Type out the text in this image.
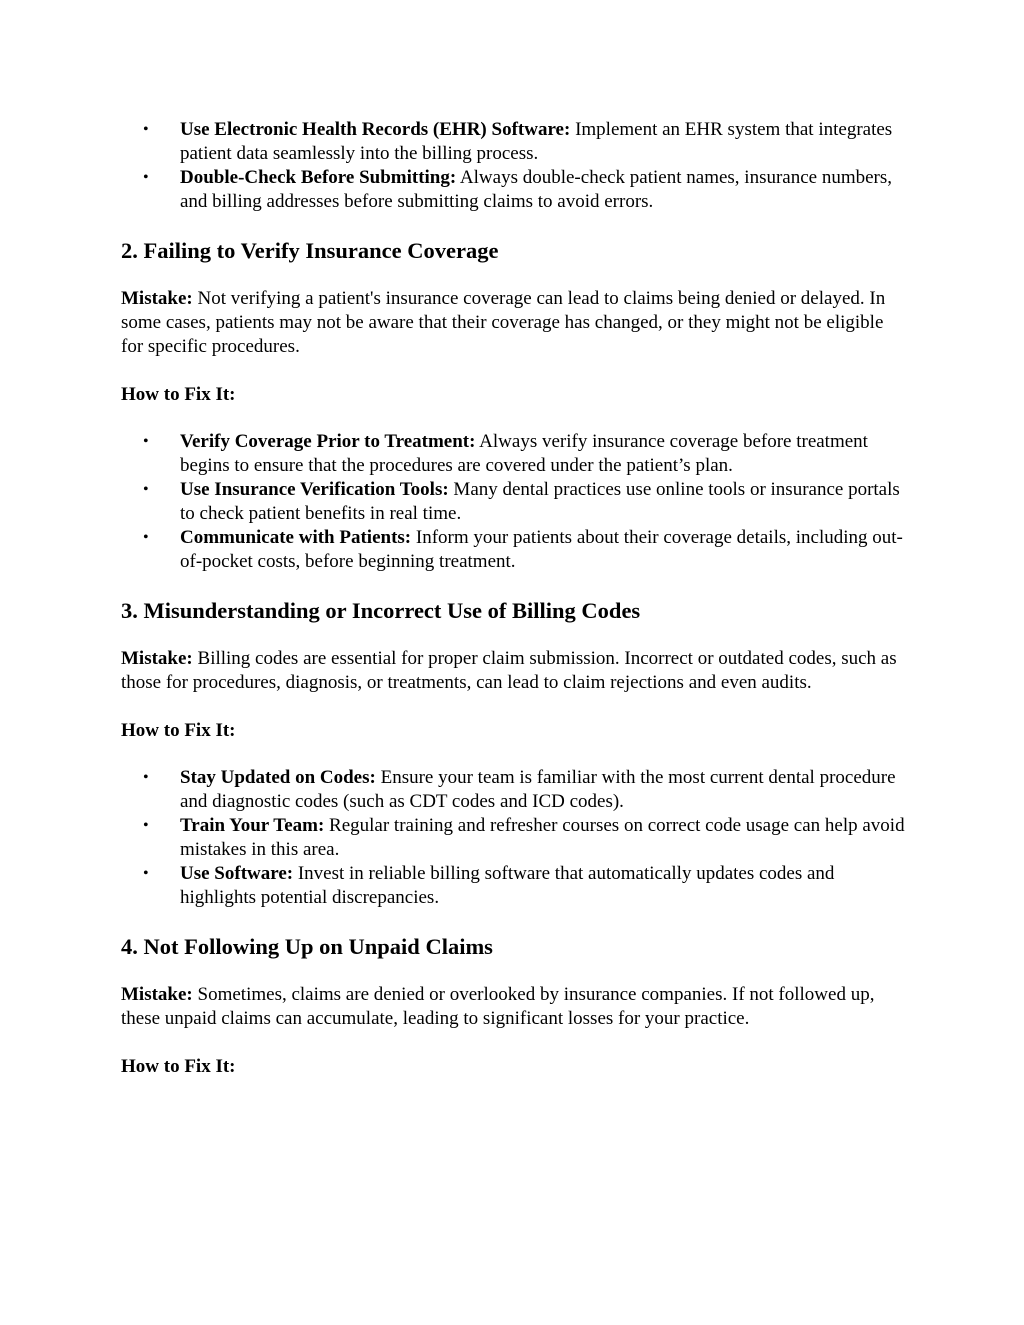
• Use Electronic Health Records (EHR) Software: Implement an EHR system that integrates patient data seamlessly into the billing process.
• Double-Check Before Submitting: Always double-check patient names, insurance numbers, and billing addresses before submitting claims to avoid errors.
2. Failing to Verify Insurance Coverage

Mistake: Not verifying a patient's insurance coverage can lead to claims being denied or delayed. In some cases, patients may not be aware that their coverage has changed, or they might not be eligible for specific procedures.

How to Fix It:

• Verify Coverage Prior to Treatment: Always verify insurance coverage before treatment begins to ensure that the procedures are covered under the patient’s plan.
• Use Insurance Verification Tools: Many dental practices use online tools or insurance portals to check patient benefits in real time.
• Communicate with Patients: Inform your patients about their coverage details, including out-of-pocket costs, before beginning treatment.
3. Misunderstanding or Incorrect Use of Billing Codes

Mistake: Billing codes are essential for proper claim submission. Incorrect or outdated codes, such as those for procedures, diagnosis, or treatments, can lead to claim rejections and even audits.

How to Fix It:

• Stay Updated on Codes: Ensure your team is familiar with the most current dental procedure and diagnostic codes (such as CDT codes and ICD codes).
• Train Your Team: Regular training and refresher courses on correct code usage can help avoid mistakes in this area.
• Use Software: Invest in reliable billing software that automatically updates codes and highlights potential discrepancies.
4. Not Following Up on Unpaid Claims

Mistake: Sometimes, claims are denied or overlooked by insurance companies. If not followed up, these unpaid claims can accumulate, leading to significant losses for your practice.

How to Fix It:
